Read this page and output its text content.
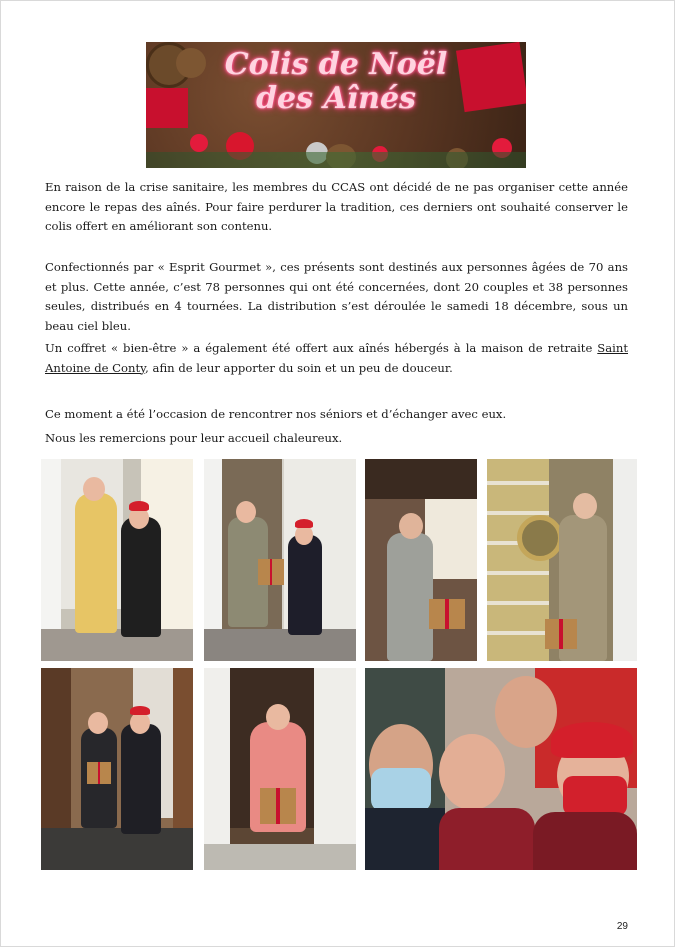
Colis de Noël
des Aînés

En raison de la crise sanitaire, les membres du CCAS ont décidé de ne pas organiser cette année encore le repas des aînés. Pour faire perdurer la tradition, ces derniers ont souhaité conserver le colis offert en améliorant son contenu.

Confectionnés par « Esprit Gourmet », ces présents sont destinés aux personnes âgées de 70 ans et plus. Cette année, c’est 78 personnes qui ont été concernées, dont 20 couples et 38 personnes seules, distribués en 4 tournées. La distribution s’est déroulée le samedi 18 décembre, sous un beau ciel bleu.

Un coffret « bien-être » a également été offert aux aînés hébergés à la maison de retraite Saint Antoine de Conty, afin de leur apporter du soin et un peu de douceur.

Ce moment a été l’occasion de rencontrer nos séniors et d’échanger avec eux.

Nous les remercions pour leur accueil chaleureux.

29
